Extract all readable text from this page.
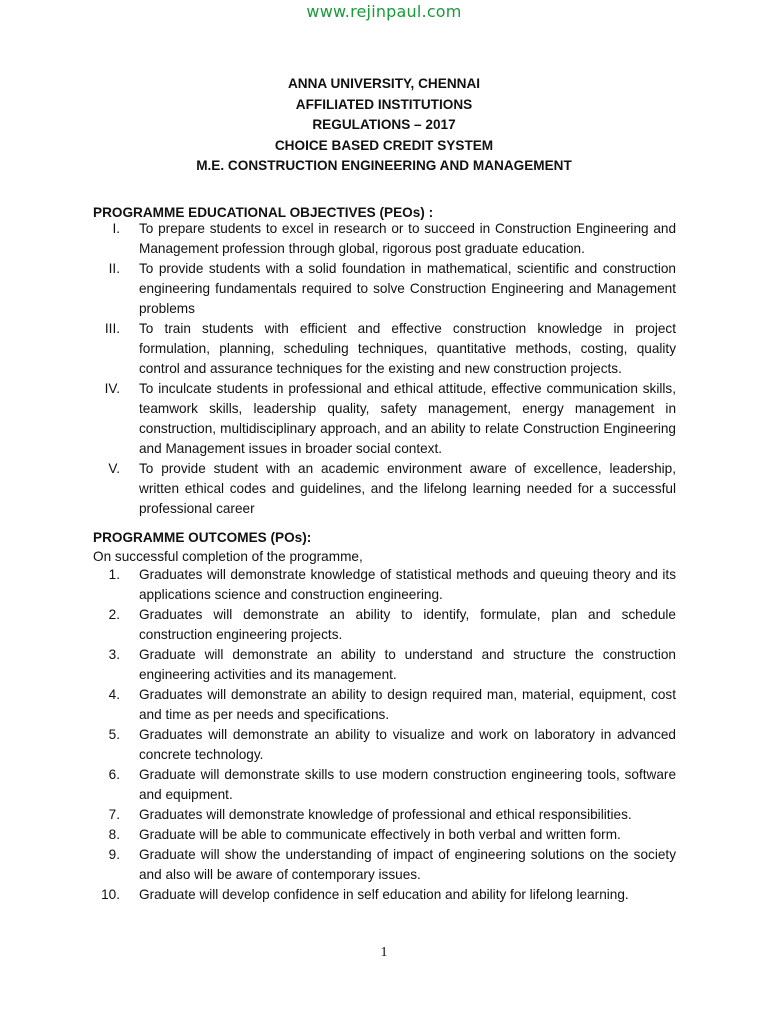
www.rejinpaul.com
ANNA UNIVERSITY, CHENNAI
AFFILIATED INSTITUTIONS
REGULATIONS – 2017
CHOICE BASED CREDIT SYSTEM
M.E. CONSTRUCTION ENGINEERING AND MANAGEMENT
PROGRAMME EDUCATIONAL OBJECTIVES (PEOs) :
I. To prepare students to excel in research or to succeed in Construction Engineering and Management profession through global, rigorous post graduate education.
II. To provide students with a solid foundation in mathematical, scientific and construction engineering fundamentals required to solve Construction Engineering and Management problems
III. To train students with efficient and effective construction knowledge in project formulation, planning, scheduling techniques, quantitative methods, costing, quality control and assurance techniques for the existing and new construction projects.
IV. To inculcate students in professional and ethical attitude, effective communication skills, teamwork skills, leadership quality, safety management, energy management in construction, multidisciplinary approach, and an ability to relate Construction Engineering and Management issues in broader social context.
V. To provide student with an academic environment aware of excellence, leadership, written ethical codes and guidelines, and the lifelong learning needed for a successful professional career
PROGRAMME OUTCOMES (POs):
On successful completion of the programme,
1. Graduates will demonstrate knowledge of statistical methods and queuing theory and its applications science and construction engineering.
2. Graduates will demonstrate an ability to identify, formulate, plan and schedule construction engineering projects.
3. Graduate will demonstrate an ability to understand and structure the construction engineering activities and its management.
4. Graduates will demonstrate an ability to design required man, material, equipment, cost and time as per needs and specifications.
5. Graduates will demonstrate an ability to visualize and work on laboratory in advanced concrete technology.
6. Graduate will demonstrate skills to use modern construction engineering tools, software and equipment.
7. Graduates will demonstrate knowledge of professional and ethical responsibilities.
8. Graduate will be able to communicate effectively in both verbal and written form.
9. Graduate will show the understanding of impact of engineering solutions on the society and also will be aware of contemporary issues.
10. Graduate will develop confidence in self education and ability for lifelong learning.
1
